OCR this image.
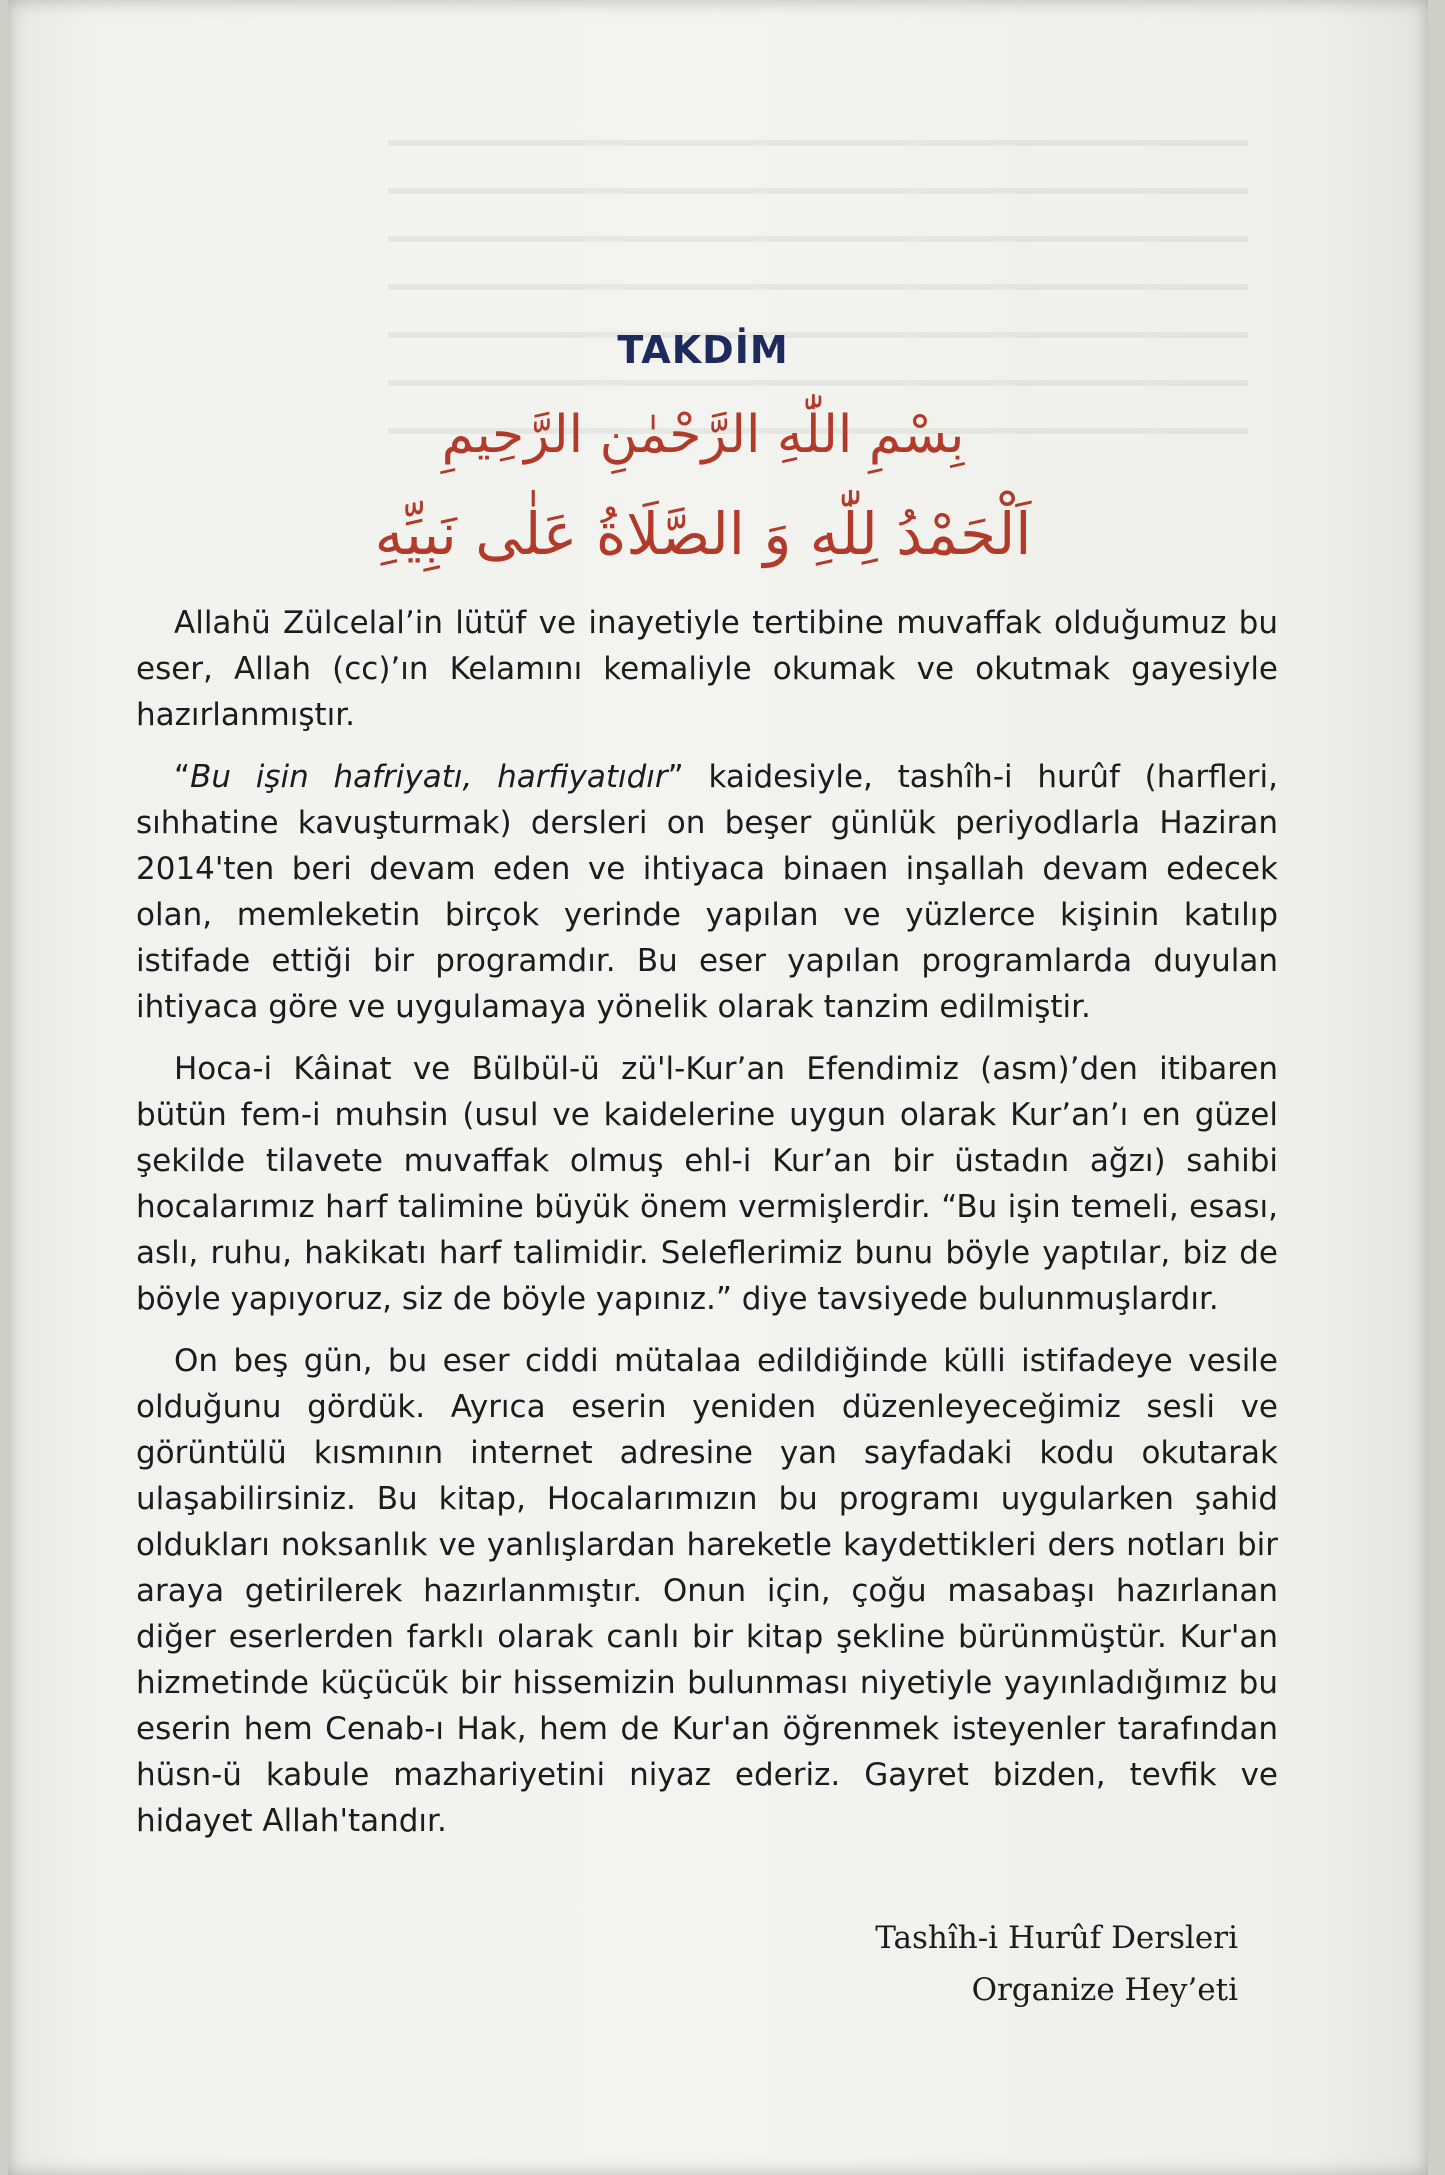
TAKDİM
بِسْمِ اللّٰهِ الرَّحْمٰنِ الرَّحِيمِ
اَلْحَمْدُ لِلّٰهِ وَ الصَّلَاةُ عَلٰى نَبِيِّهِ

Allahü Zülcelal’in lütüf ve inayetiyle tertibine muvaffak olduğumuz bu eser, Allah (cc)’ın Kelamını kemaliyle okumak ve okutmak gayesiyle hazırlanmıştır.

“Bu işin hafriyatı, harfiyatıdır” kaidesiyle, tashîh-i hurûf (harfleri, sıhhatine kavuşturmak) dersleri on beşer günlük periyodlarla Haziran 2014'ten beri devam eden ve ihtiyaca binaen inşallah devam edecek olan, memleketin birçok yerinde yapılan ve yüzlerce kişinin katılıp istifade ettiği bir programdır. Bu eser yapılan programlarda duyulan ihtiyaca göre ve uygulamaya yönelik olarak tanzim edilmiştir.

Hoca-i Kâinat ve Bülbül-ü zü'l-Kur’an Efendimiz (asm)’den itibaren bütün fem-i muhsin (usul ve kaidelerine uygun olarak Kur’an’ı en güzel şekilde tilavete muvaffak olmuş ehl-i Kur’an bir üstadın ağzı) sahibi hocalarımız harf talimine büyük önem vermişlerdir. “Bu işin temeli, esası, aslı, ruhu, hakikatı harf talimidir. Seleflerimiz bunu böyle yaptılar, biz de böyle yapıyoruz, siz de böyle yapınız.” diye tavsiyede bulunmuşlardır.

On beş gün, bu eser ciddi mütalaa edildiğinde külli istifadeye vesile olduğunu gördük. Ayrıca eserin yeniden düzenleyeceğimiz sesli ve görüntülü kısmının internet adresine yan sayfadaki kodu okutarak ulaşabilirsiniz. Bu kitap, Hocalarımızın bu programı uygularken şahid oldukları noksanlık ve yanlışlardan hareketle kaydettikleri ders notları bir araya getirilerek hazırlanmıştır. Onun için, çoğu masabaşı hazırlanan diğer eserlerden farklı olarak canlı bir kitap şekline bürünmüştür. Kur'an hizmetinde küçücük bir hissemizin bulunması niyetiyle yayınladığımız bu eserin hem Cenab-ı Hak, hem de Kur'an öğrenmek isteyenler tarafından hüsn-ü kabule mazhariyetini niyaz ederiz. Gayret bizden, tevfik ve hidayet Allah'tandır.

Tashîh-i Hurûf Dersleri
Organize Hey’eti
